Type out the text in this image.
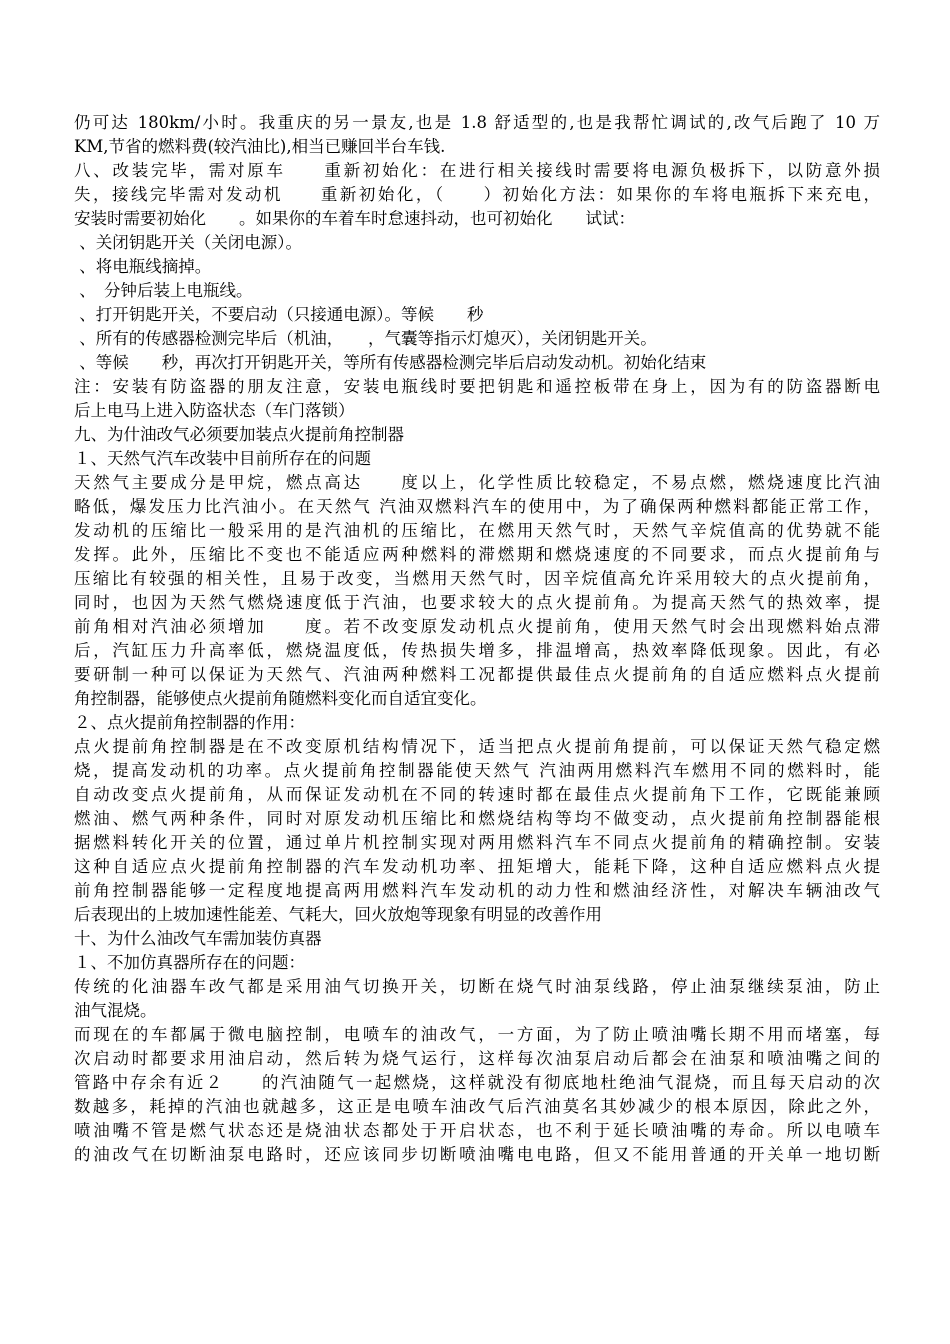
仍可达 180km/小时。我重庆的另一景友,也是 1.8 舒适型的,也是我帮忙调试的,改气后跑了 10 万
KM,节省的燃料费(较汽油比),相当已赚回半台车钱.
八、改装完毕，需对原车　　重新初始化：在进行相关接线时需要将电源负极拆下，以防意外损
失，接线完毕需对发动机　　重新初始化，（　　）初始化方法：如果你的车将电瓶拆下来充电，
安装时需要初始化　　。如果你的车着车时怠速抖动，也可初始化　　试试：
、关闭钥匙开关（关闭电源）。
、将电瓶线摘掉。
、　分钟后装上电瓶线。
、打开钥匙开关，不要启动（只接通电源）。等候　　秒
、所有的传感器检测完毕后（机油，　　，气囊等指示灯熄灭），关闭钥匙开关。
、等候　　秒，再次打开钥匙开关，等所有传感器检测完毕后启动发动机。初始化结束
注：安装有防盗器的朋友注意，安装电瓶线时要把钥匙和遥控板带在身上，因为有的防盗器断电
后上电马上进入防盗状态（车门落锁）
九、为什油改气必须要加装点火提前角控制器
１、天然气汽车改装中目前所存在的问题
天然气主要成分是甲烷，燃点高达　　度以上，化学性质比较稳定，不易点燃，燃烧速度比汽油
略低，爆发压力比汽油小。在天然气 汽油双燃料汽车的使用中，为了确保两种燃料都能正常工作，
发动机的压缩比一般采用的是汽油机的压缩比，在燃用天然气时，天然气辛烷值高的优势就不能
发挥。此外，压缩比不变也不能适应两种燃料的滞燃期和燃烧速度的不同要求，而点火提前角与
压缩比有较强的相关性，且易于改变，当燃用天然气时，因辛烷值高允许采用较大的点火提前角，
同时，也因为天然气燃烧速度低于汽油，也要求较大的点火提前角。为提高天然气的热效率，提
前角相对汽油必须增加　　度。若不改变原发动机点火提前角，使用天然气时会出现燃料始点滞
后，汽缸压力升高率低，燃烧温度低，传热损失增多，排温增高，热效率降低现象。因此，有必
要研制一种可以保证为天然气、汽油两种燃料工况都提供最佳点火提前角的自适应燃料点火提前
角控制器，能够使点火提前角随燃料变化而自适宜变化。
２、点火提前角控制器的作用：
点火提前角控制器是在不改变原机结构情况下，适当把点火提前角提前，可以保证天然气稳定燃
烧，提高发动机的功率。点火提前角控制器能使天然气 汽油两用燃料汽车燃用不同的燃料时，能
自动改变点火提前角，从而保证发动机在不同的转速时都在最佳点火提前角下工作，它既能兼顾
燃油、燃气两种条件，同时对原发动机压缩比和燃烧结构等均不做变动，点火提前角控制器能根
据燃料转化开关的位置，通过单片机控制实现对两用燃料汽车不同点火提前角的精确控制。安装
这种自适应点火提前角控制器的汽车发动机功率、扭矩增大，能耗下降，这种自适应燃料点火提
前角控制器能够一定程度地提高两用燃料汽车发动机的动力性和燃油经济性，对解决车辆油改气
后表现出的上坡加速性能差、气耗大，回火放炮等现象有明显的改善作用
十、为什么油改气车需加装仿真器
１、不加仿真器所存在的问题：
传统的化油器车改气都是采用油气切换开关，切断在烧气时油泵线路，停止油泵继续泵油，防止
油气混烧。
而现在的车都属于微电脑控制，电喷车的油改气，一方面，为了防止喷油嘴长期不用而堵塞，每
次启动时都要求用油启动，然后转为烧气运行，这样每次油泵启动后都会在油泵和喷油嘴之间的
管路中存余有近２　　的汽油随气一起燃烧，这样就没有彻底地杜绝油气混烧，而且每天启动的次
数越多，耗掉的汽油也就越多，这正是电喷车油改气后汽油莫名其妙减少的根本原因，除此之外，
喷油嘴不管是燃气状态还是烧油状态都处于开启状态，也不利于延长喷油嘴的寿命。所以电喷车
的油改气在切断油泵电路时，还应该同步切断喷油嘴电电路，但又不能用普通的开关单一地切断
